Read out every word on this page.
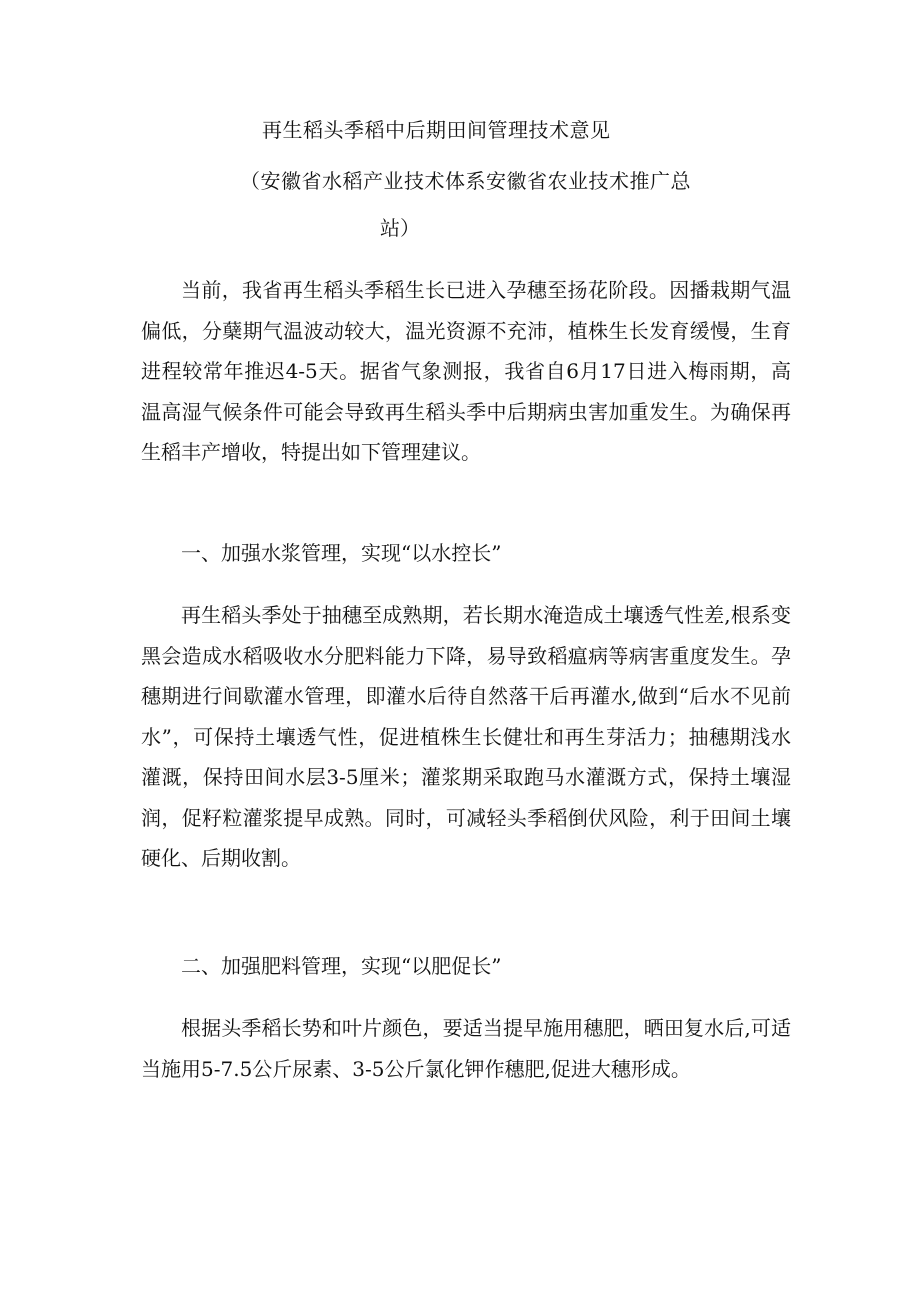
再生稻头季稻中后期田间管理技术意见
（安徽省水稻产业技术体系安徽省农业技术推广总
站）

当前，我省再生稻头季稻生长已进入孕穗至扬花阶段。因播栽期气温偏低，分蘖期气温波动较大，温光资源不充沛，植株生长发育缓慢，生育进程较常年推迟4-5天。据省气象测报，我省自6月17日进入梅雨期，高温高湿气候条件可能会导致再生稻头季中后期病虫害加重发生。为确保再生稻丰产增收，特提出如下管理建议。

一、加强水浆管理，实现“以水控长”

再生稻头季处于抽穗至成熟期，若长期水淹造成土壤透气性差,根系变黑会造成水稻吸收水分肥料能力下降，易导致稻瘟病等病害重度发生。孕穗期进行间歇灌水管理，即灌水后待自然落干后再灌水,做到“后水不见前水”，可保持土壤透气性，促进植株生长健壮和再生芽活力；抽穗期浅水灌溉，保持田间水层3-5厘米；灌浆期采取跑马水灌溉方式，保持土壤湿润，促籽粒灌浆提早成熟。同时，可减轻头季稻倒伏风险，利于田间土壤硬化、后期收割。

二、加强肥料管理，实现“以肥促长”

根据头季稻长势和叶片颜色，要适当提早施用穗肥，晒田复水后,可适当施用5-7.5公斤尿素、3-5公斤氯化钾作穗肥,促进大穗形成。
